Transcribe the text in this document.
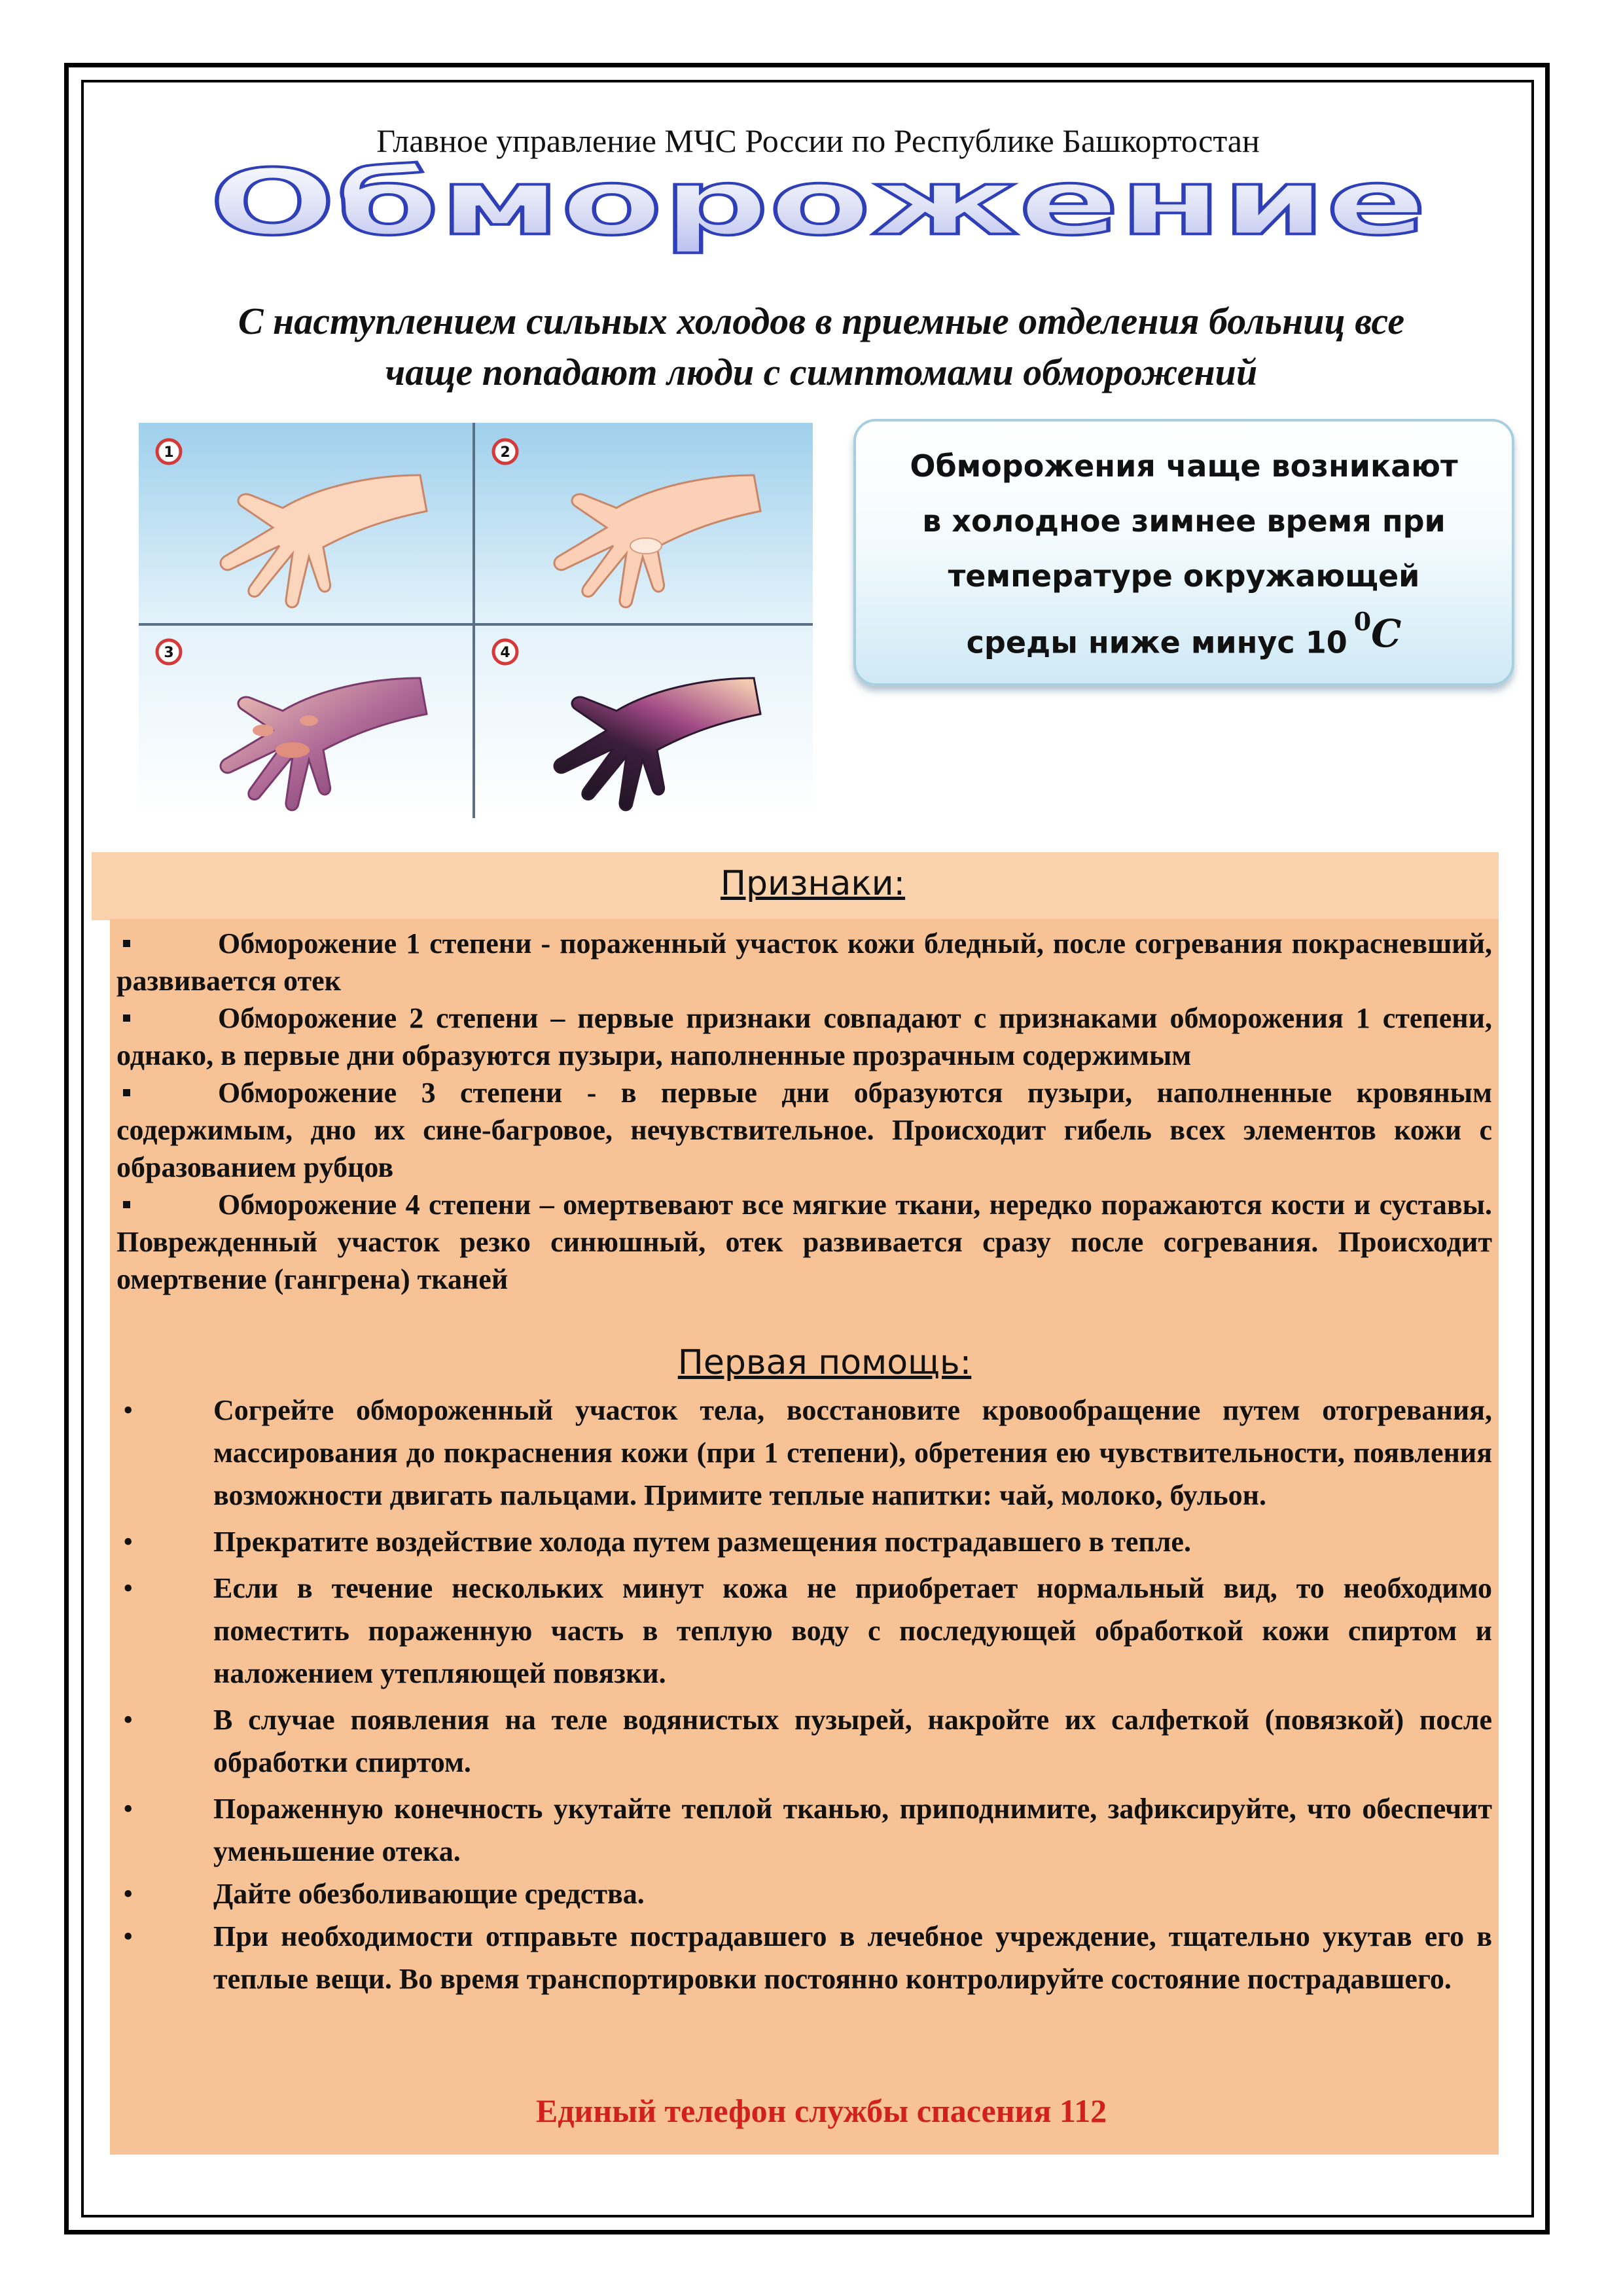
Главное управление МЧС России по Республике Башкортостан
Обморожение
С наступлением сильных холодов в приемные отделения больниц все
чаще попадают люди с симптомами обморожений
1	2
3	4
Обморожения чаще возникают
в холодное зимнее время при
температуре окружающей
среды ниже минус $10^0C$
Признаки:

Обморожение 1 степени - пораженный участок кожи бледный, после согревания покрасневший, развивается отек

Обморожение 2 степени – первые признаки совпадают с признаками обморожения 1 степени, однако, в первые дни образуются пузыри, наполненные прозрачным содержимым

Обморожение 3 степени - в первые дни образуются пузыри, наполненные кровяным содержимым, дно их сине-багровое, нечувствительное. Происходит гибель всех элементов кожи с образованием рубцов

Обморожение 4 степени – омертвевают все мягкие ткани, нередко поражаются кости и суставы. Поврежденный участок резко синюшный, отек развивается сразу после согревания. Происходит омертвение (гангрена) тканей

Первая помощь:
•	Согрейте обмороженный участок тела, восстановите кровообращение путем отогревания, массирования до покраснения кожи (при 1 степени), обретения ею чувствительности, появления возможности двигать пальцами. Примите теплые напитки: чай, молоко, бульон.
•	Прекратите воздействие холода путем размещения пострадавшего в тепле.
•	Если в течение нескольких минут кожа не приобретает нормальный вид, то необходимо поместить пораженную часть в теплую воду с последующей обработкой кожи спиртом и наложением утепляющей повязки.
•	В случае появления на теле водянистых пузырей, накройте их салфеткой (повязкой) после обработки спиртом.
•	Пораженную конечность укутайте теплой тканью, приподнимите, зафиксируйте, что обеспечит уменьшение отека.
•	Дайте обезболивающие средства.
•	При необходимости отправьте пострадавшего в лечебное учреждение, тщательно укутав его в теплые вещи. Во время транспортировки постоянно контролируйте состояние пострадавшего.
Единый телефон службы спасения 112
